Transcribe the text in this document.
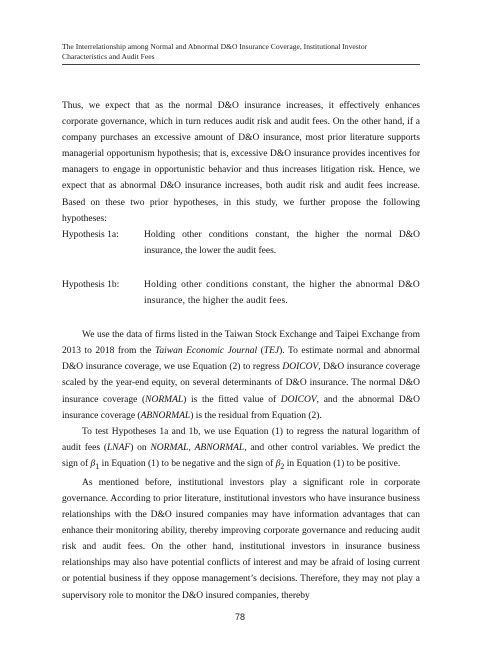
The Interrelationship among Normal and Abnormal D&O Insurance Coverage, Institutional Investor
Characteristics and Audit Fees

Thus, we expect that as the normal D&O insurance increases, it effectively enhances corporate governance, which in turn reduces audit risk and audit fees. On the other hand, if a company purchases an excessive amount of D&O insurance, most prior literature supports managerial opportunism hypothesis; that is, excessive D&O insurance provides incentives for managers to engage in opportunistic behavior and thus increases litigation risk. Hence, we expect that as abnormal D&O insurance increases, both audit risk and audit fees increase. Based on these two prior hypotheses, in this study, we further propose the following hypotheses:

Hypothesis 1a:	Holding other conditions constant, the higher the normal D&O insurance, the lower the audit fees.
Hypothesis 1b:	Holding other conditions constant, the higher the abnormal D&O insurance, the higher the audit fees.

We use the data of firms listed in the Taiwan Stock Exchange and Taipei Exchange from 2013 to 2018 from the Taiwan Economic Journal (TEJ). To estimate normal and abnormal D&O insurance coverage, we use Equation (2) to regress DOICOV, D&O insurance coverage scaled by the year-end equity, on several determinants of D&O insurance. The normal D&O insurance coverage (NORMAL) is the fitted value of DOICOV, and the abnormal D&O insurance coverage (ABNORMAL) is the residual from Equation (2).

To test Hypotheses 1a and 1b, we use Equation (1) to regress the natural logarithm of audit fees (LNAF) on NORMAL, ABNORMAL, and other control variables. We predict the sign of $\beta_1$ in Equation (1) to be negative and the sign of $\beta_2$ in Equation (1) to be positive.

As mentioned before, institutional investors play a significant role in corporate governance. According to prior literature, institutional investors who have insurance business relationships with the D&O insured companies may have information advantages that can enhance their monitoring ability, thereby improving corporate governance and reducing audit risk and audit fees. On the other hand, institutional investors in insurance business relationships may also have potential conflicts of interest and may be afraid of losing current or potential business if they oppose management’s decisions. Therefore, they may not play a supervisory role to monitor the D&O insured companies, thereby

78
